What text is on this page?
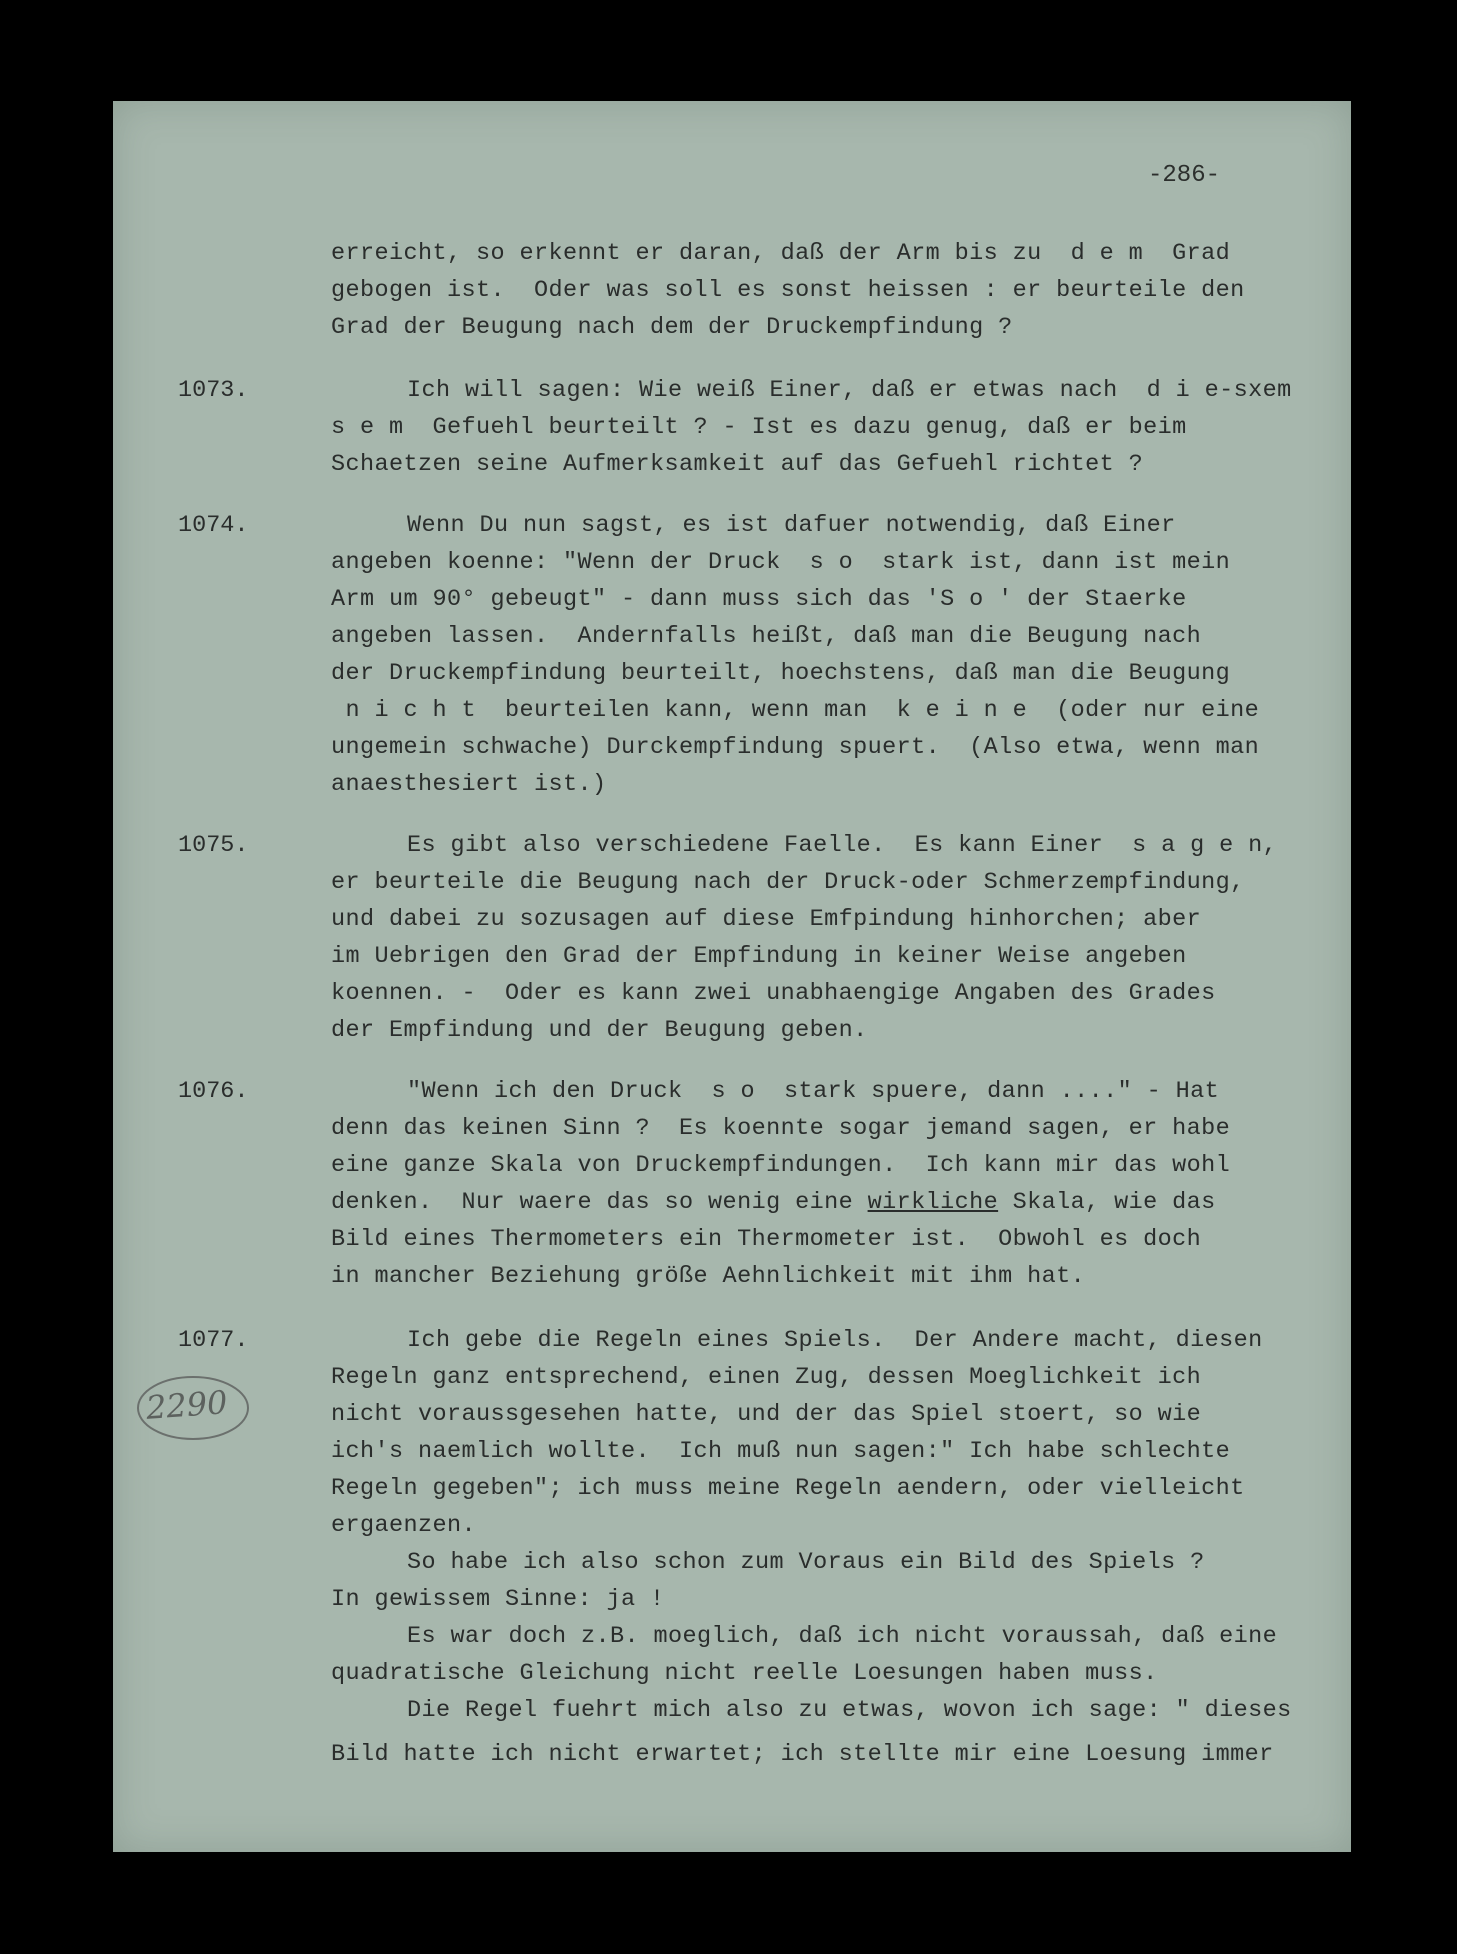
-286-
erreicht, so erkennt er daran, daß der Arm bis zu  d e m  Grad
gebogen ist.  Oder was soll es sonst heissen : er beurteile den
Grad der Beugung nach dem der Druckempfindung ?
1073.	Ich will sagen: Wie weiß Einer, daß er etwas nach  d i e-sxem
s e m  Gefuehl beurteilt ? - Ist es dazu genug, daß er beim
Schaetzen seine Aufmerksamkeit auf das Gefuehl richtet ?
1074.	Wenn Du nun sagst, es ist dafuer notwendig, daß Einer
angeben koenne: "Wenn der Druck  s o  stark ist, dann ist mein
Arm um 90° gebeugt" - dann muss sich das 'S o ' der Staerke
angeben lassen.  Andernfalls heißt, daß man die Beugung nach
der Druckempfindung beurteilt, hoechstens, daß man die Beugung
n i c h t  beurteilen kann, wenn man  k e i n e  (oder nur eine
ungemein schwache) Durckempfindung spuert.  (Also etwa, wenn man
anaesthesiert ist.)
1075.	Es gibt also verschiedene Faelle.  Es kann Einer  s a g e n,
er beurteile die Beugung nach der Druck-oder Schmerzempfindung,
und dabei zu sozusagen auf diese Emfpindung hinhorchen; aber
im Uebrigen den Grad der Empfindung in keiner Weise angeben
koennen. -  Oder es kann zwei unabhaengige Angaben des Grades
der Empfindung und der Beugung geben.
1076.	"Wenn ich den Druck  s o  stark spuere, dann ...." - Hat
denn das keinen Sinn ?  Es koennte sogar jemand sagen, er habe
eine ganze Skala von Druckempfindungen.  Ich kann mir das wohl
denken.  Nur waere das so wenig eine wirkliche Skala, wie das
Bild eines Thermometers ein Thermometer ist.  Obwohl es doch
in mancher Beziehung größe Aehnlichkeit mit ihm hat.
1077.	Ich gebe die Regeln eines Spiels.  Der Andere macht, diesen
Regeln ganz entsprechend, einen Zug, dessen Moeglichkeit ich
nicht voraussgesehen hatte, und der das Spiel stoert, so wie
ich's naemlich wollte.  Ich muß nun sagen:" Ich habe schlechte
Regeln gegeben"; ich muss meine Regeln aendern, oder vielleicht
ergaenzen.
So habe ich also schon zum Voraus ein Bild des Spiels ?
In gewissem Sinne: ja !
Es war doch z.B. moeglich, daß ich nicht voraussah, daß eine
quadratische Gleichung nicht reelle Loesungen haben muss.
Die Regel fuehrt mich also zu etwas, wovon ich sage: " dieses
Bild hatte ich nicht erwartet; ich stellte mir eine Loesung immer
2290
